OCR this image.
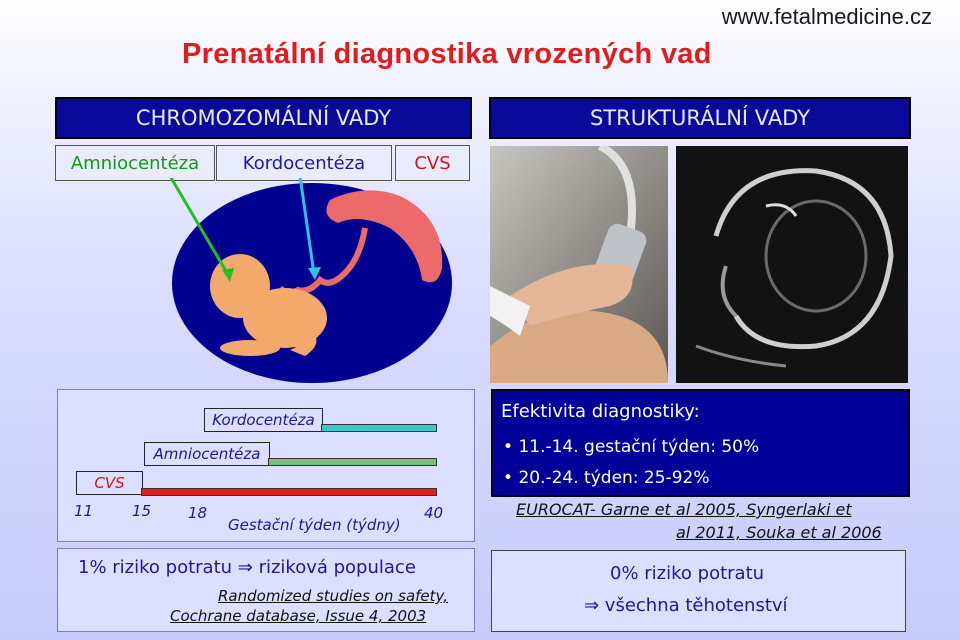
www.fetalmedicine.cz
Prenatální diagnostika vrozených vad
CHROMOZOMÁLNÍ VADY	STRUKTURÁLNÍ VADY
Amniocentéza	Kordocentéza	CVS
Kordocentéza
Amniocentéza
CVS
11	15 18	40
Gestační týden (týdny)
1% riziko potratu ⇒ riziková populace
Randomized studies on safety,
Cochrane database, Issue 4, 2003
Efektivita diagnostiky:
• 11.-14. gestační týden: 50%
• 20.-24. týden: 25-92%
EUROCAT- Garne et al 2005, Syngerlaki et
al 2011, Souka et al 2006
0% riziko potratu
⇒ všechna těhotenství
